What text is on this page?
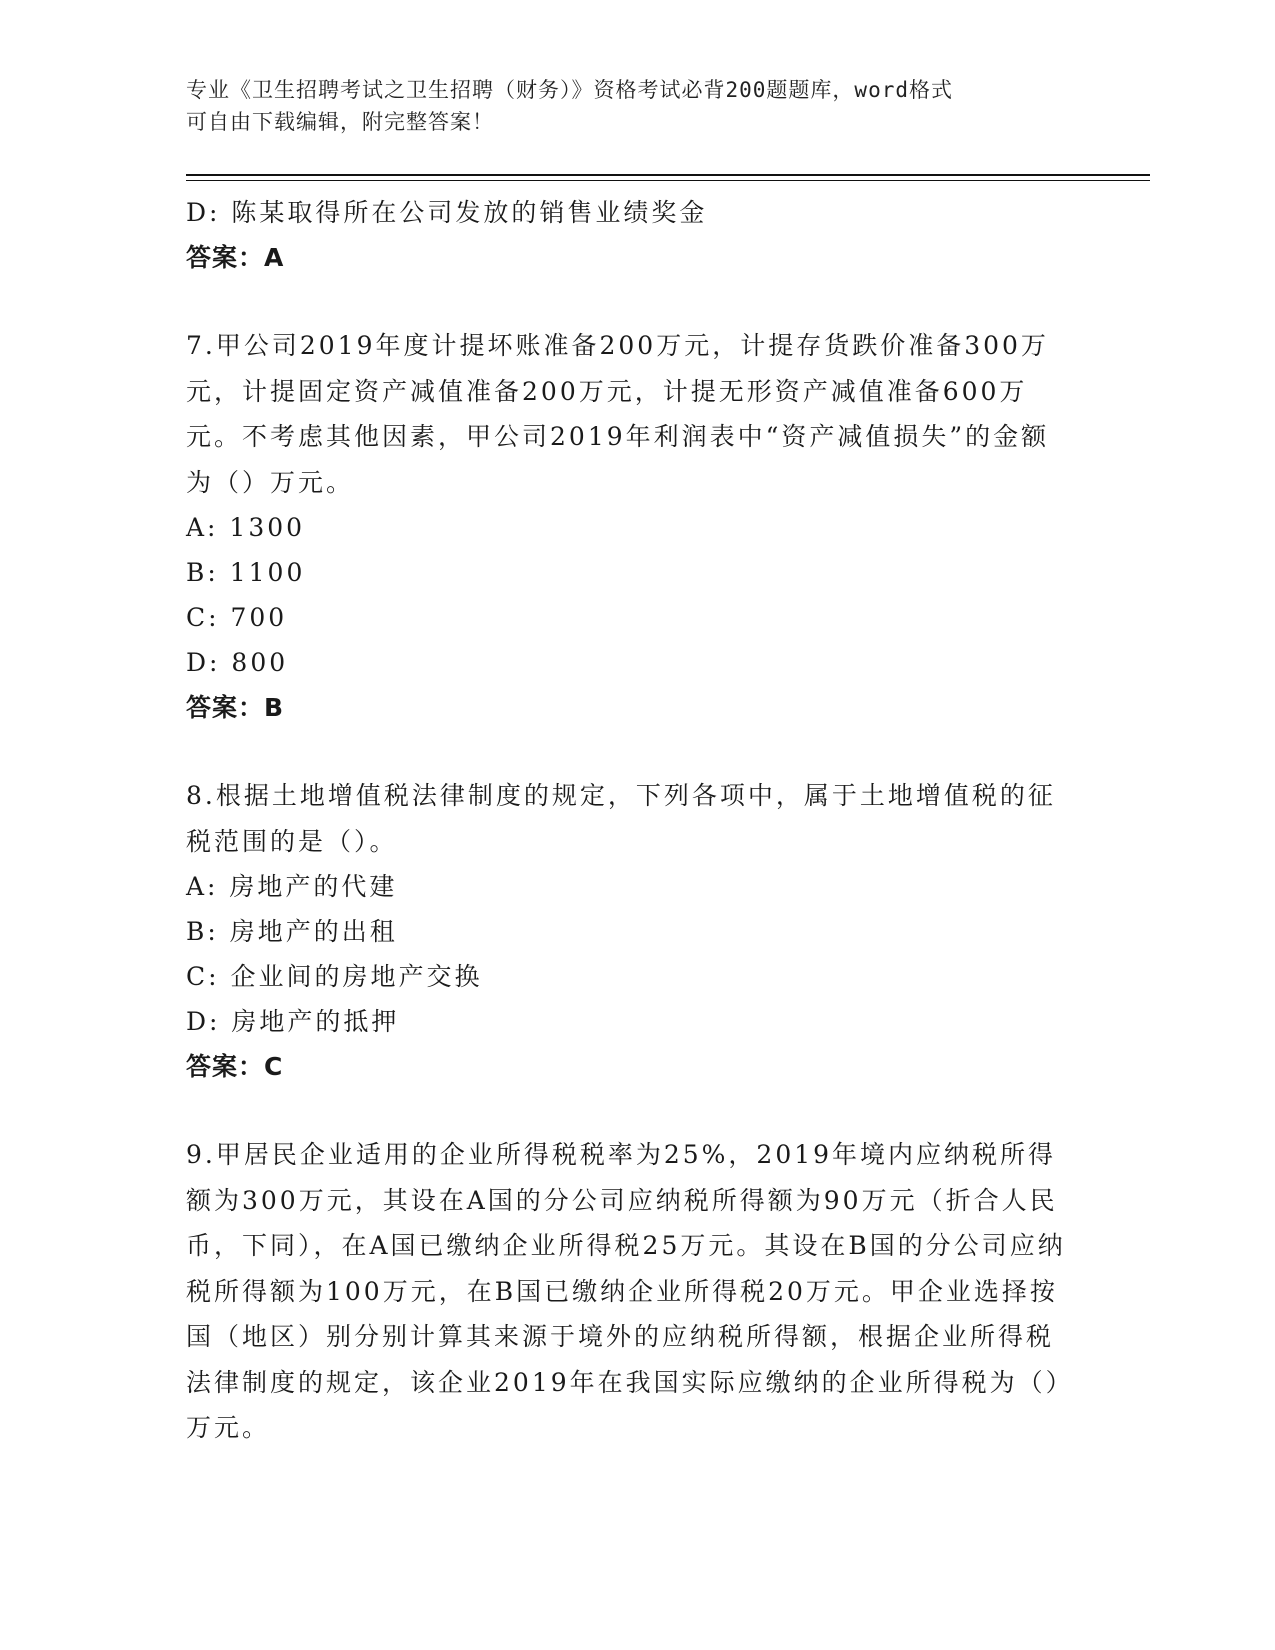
专业《卫生招聘考试之卫生招聘（财务）》资格考试必背200题题库，word格式
可自由下载编辑，附完整答案！
D: 陈某取得所在公司发放的销售业绩奖金
答案：A
7.甲公司2019年度计提坏账准备200万元，计提存货跌价准备300万元，计提固定资产减值准备200万元，计提无形资产减值准备600万元。不考虑其他因素，甲公司2019年利润表中“资产减值损失”的金额为（）万元。
A: 1300
B: 1100
C: 700
D: 800
答案：B
8.根据土地增值税法律制度的规定，下列各项中，属于土地增值税的征税范围的是（）。
A: 房地产的代建
B: 房地产的出租
C: 企业间的房地产交换
D: 房地产的抵押
答案：C
9.甲居民企业适用的企业所得税税率为25%，2019年境内应纳税所得额为300万元，其设在A国的分公司应纳税所得额为90万元（折合人民币，下同），在A国已缴纳企业所得税25万元。其设在B国的分公司应纳税所得额为100万元，在B国已缴纳企业所得税20万元。甲企业选择按国（地区）别分别计算其来源于境外的应纳税所得额，根据企业所得税法律制度的规定，该企业2019年在我国实际应缴纳的企业所得税为（）万元。
